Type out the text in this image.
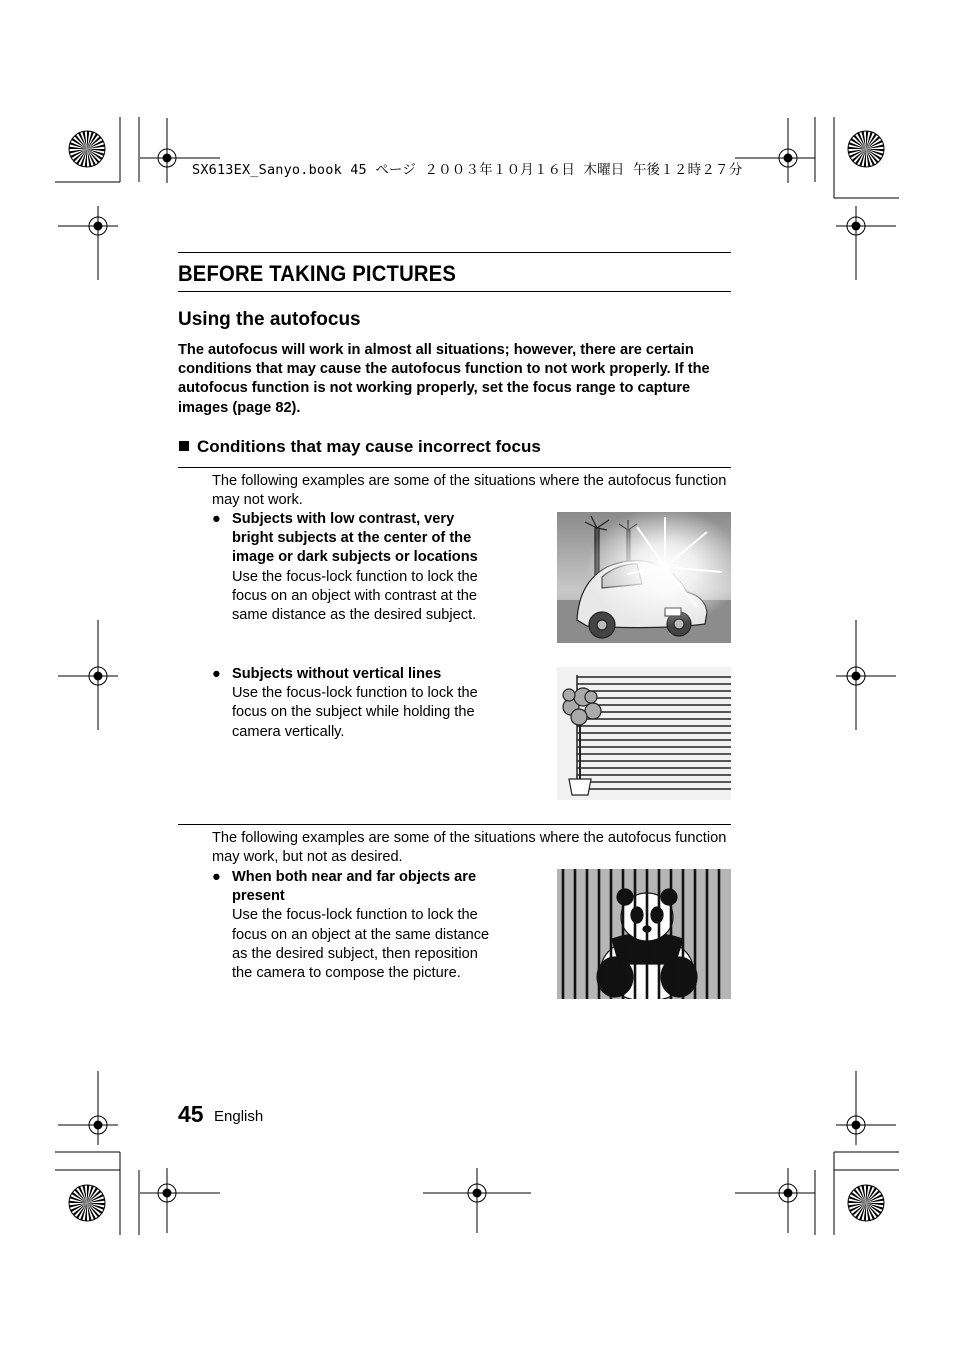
SX613EX_Sanyo.book 45 ページ ２００３年１０月１６日 木曜日 午後１２時２７分
BEFORE TAKING PICTURES
Using the autofocus
The autofocus will work in almost all situations; however, there are certain conditions that may cause the autofocus function to not work properly. If the autofocus function is not working properly, set the focus range to capture images (page 82).
Conditions that may cause incorrect focus
The following examples are some of the situations where the autofocus function may not work.
● Subjects with low contrast, very bright subjects at the center of the image or dark subjects or locations
Use the focus-lock function to lock the focus on an object with contrast at the same distance as the desired subject.
● Subjects without vertical lines
Use the focus-lock function to lock the focus on the subject while holding the camera vertically.
The following examples are some of the situations where the autofocus function may work, but not as desired.
● When both near and far objects are present
Use the focus-lock function to lock the focus on an object at the same distance as the desired subject, then reposition the camera to compose the picture.
45 English
